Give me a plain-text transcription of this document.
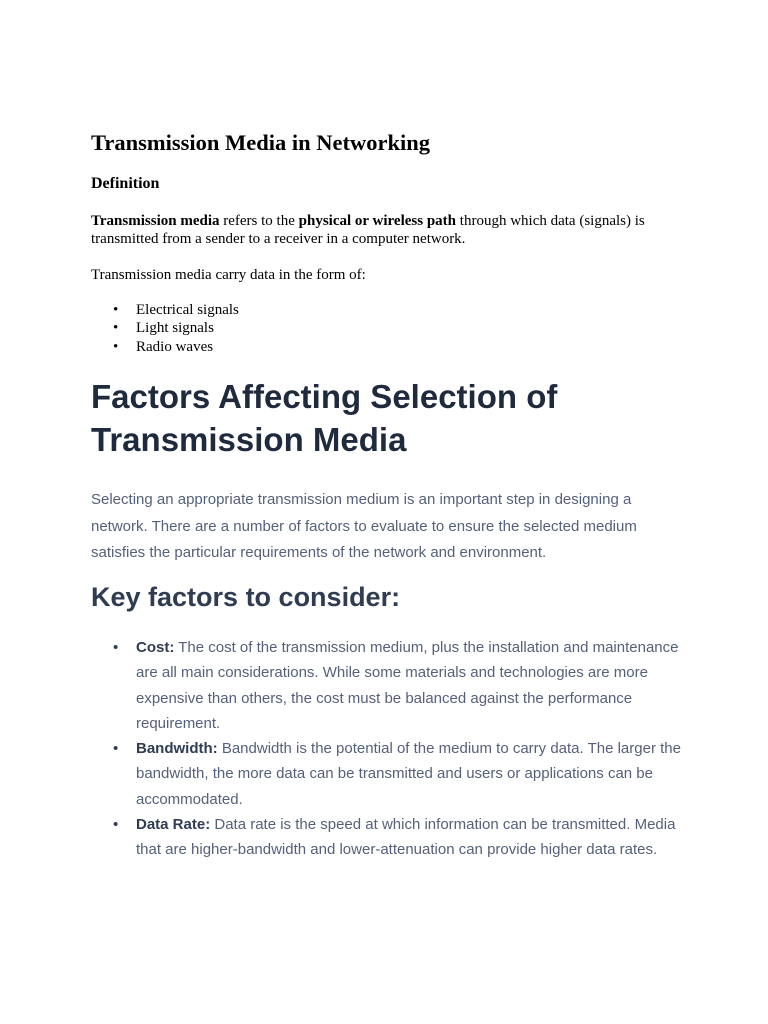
Transmission Media in Networking
Definition

Transmission media refers to the physical or wireless path through which data (signals) is transmitted from a sender to a receiver in a computer network.

Transmission media carry data in the form of:

• Electrical signals
• Light signals
• Radio waves
Factors Affecting Selection of Transmission Media

Selecting an appropriate transmission medium is an important step in designing a network. There are a number of factors to evaluate to ensure the selected medium satisfies the particular requirements of the network and environment.

Key factors to consider:
• Cost: The cost of the transmission medium, plus the installation and maintenance are all main considerations. While some materials and technologies are more expensive than others, the cost must be balanced against the performance requirement.
• Bandwidth: Bandwidth is the potential of the medium to carry data. The larger the bandwidth, the more data can be transmitted and users or applications can be accommodated.
• Data Rate: Data rate is the speed at which information can be transmitted. Media that are higher-bandwidth and lower-attenuation can provide higher data rates.
